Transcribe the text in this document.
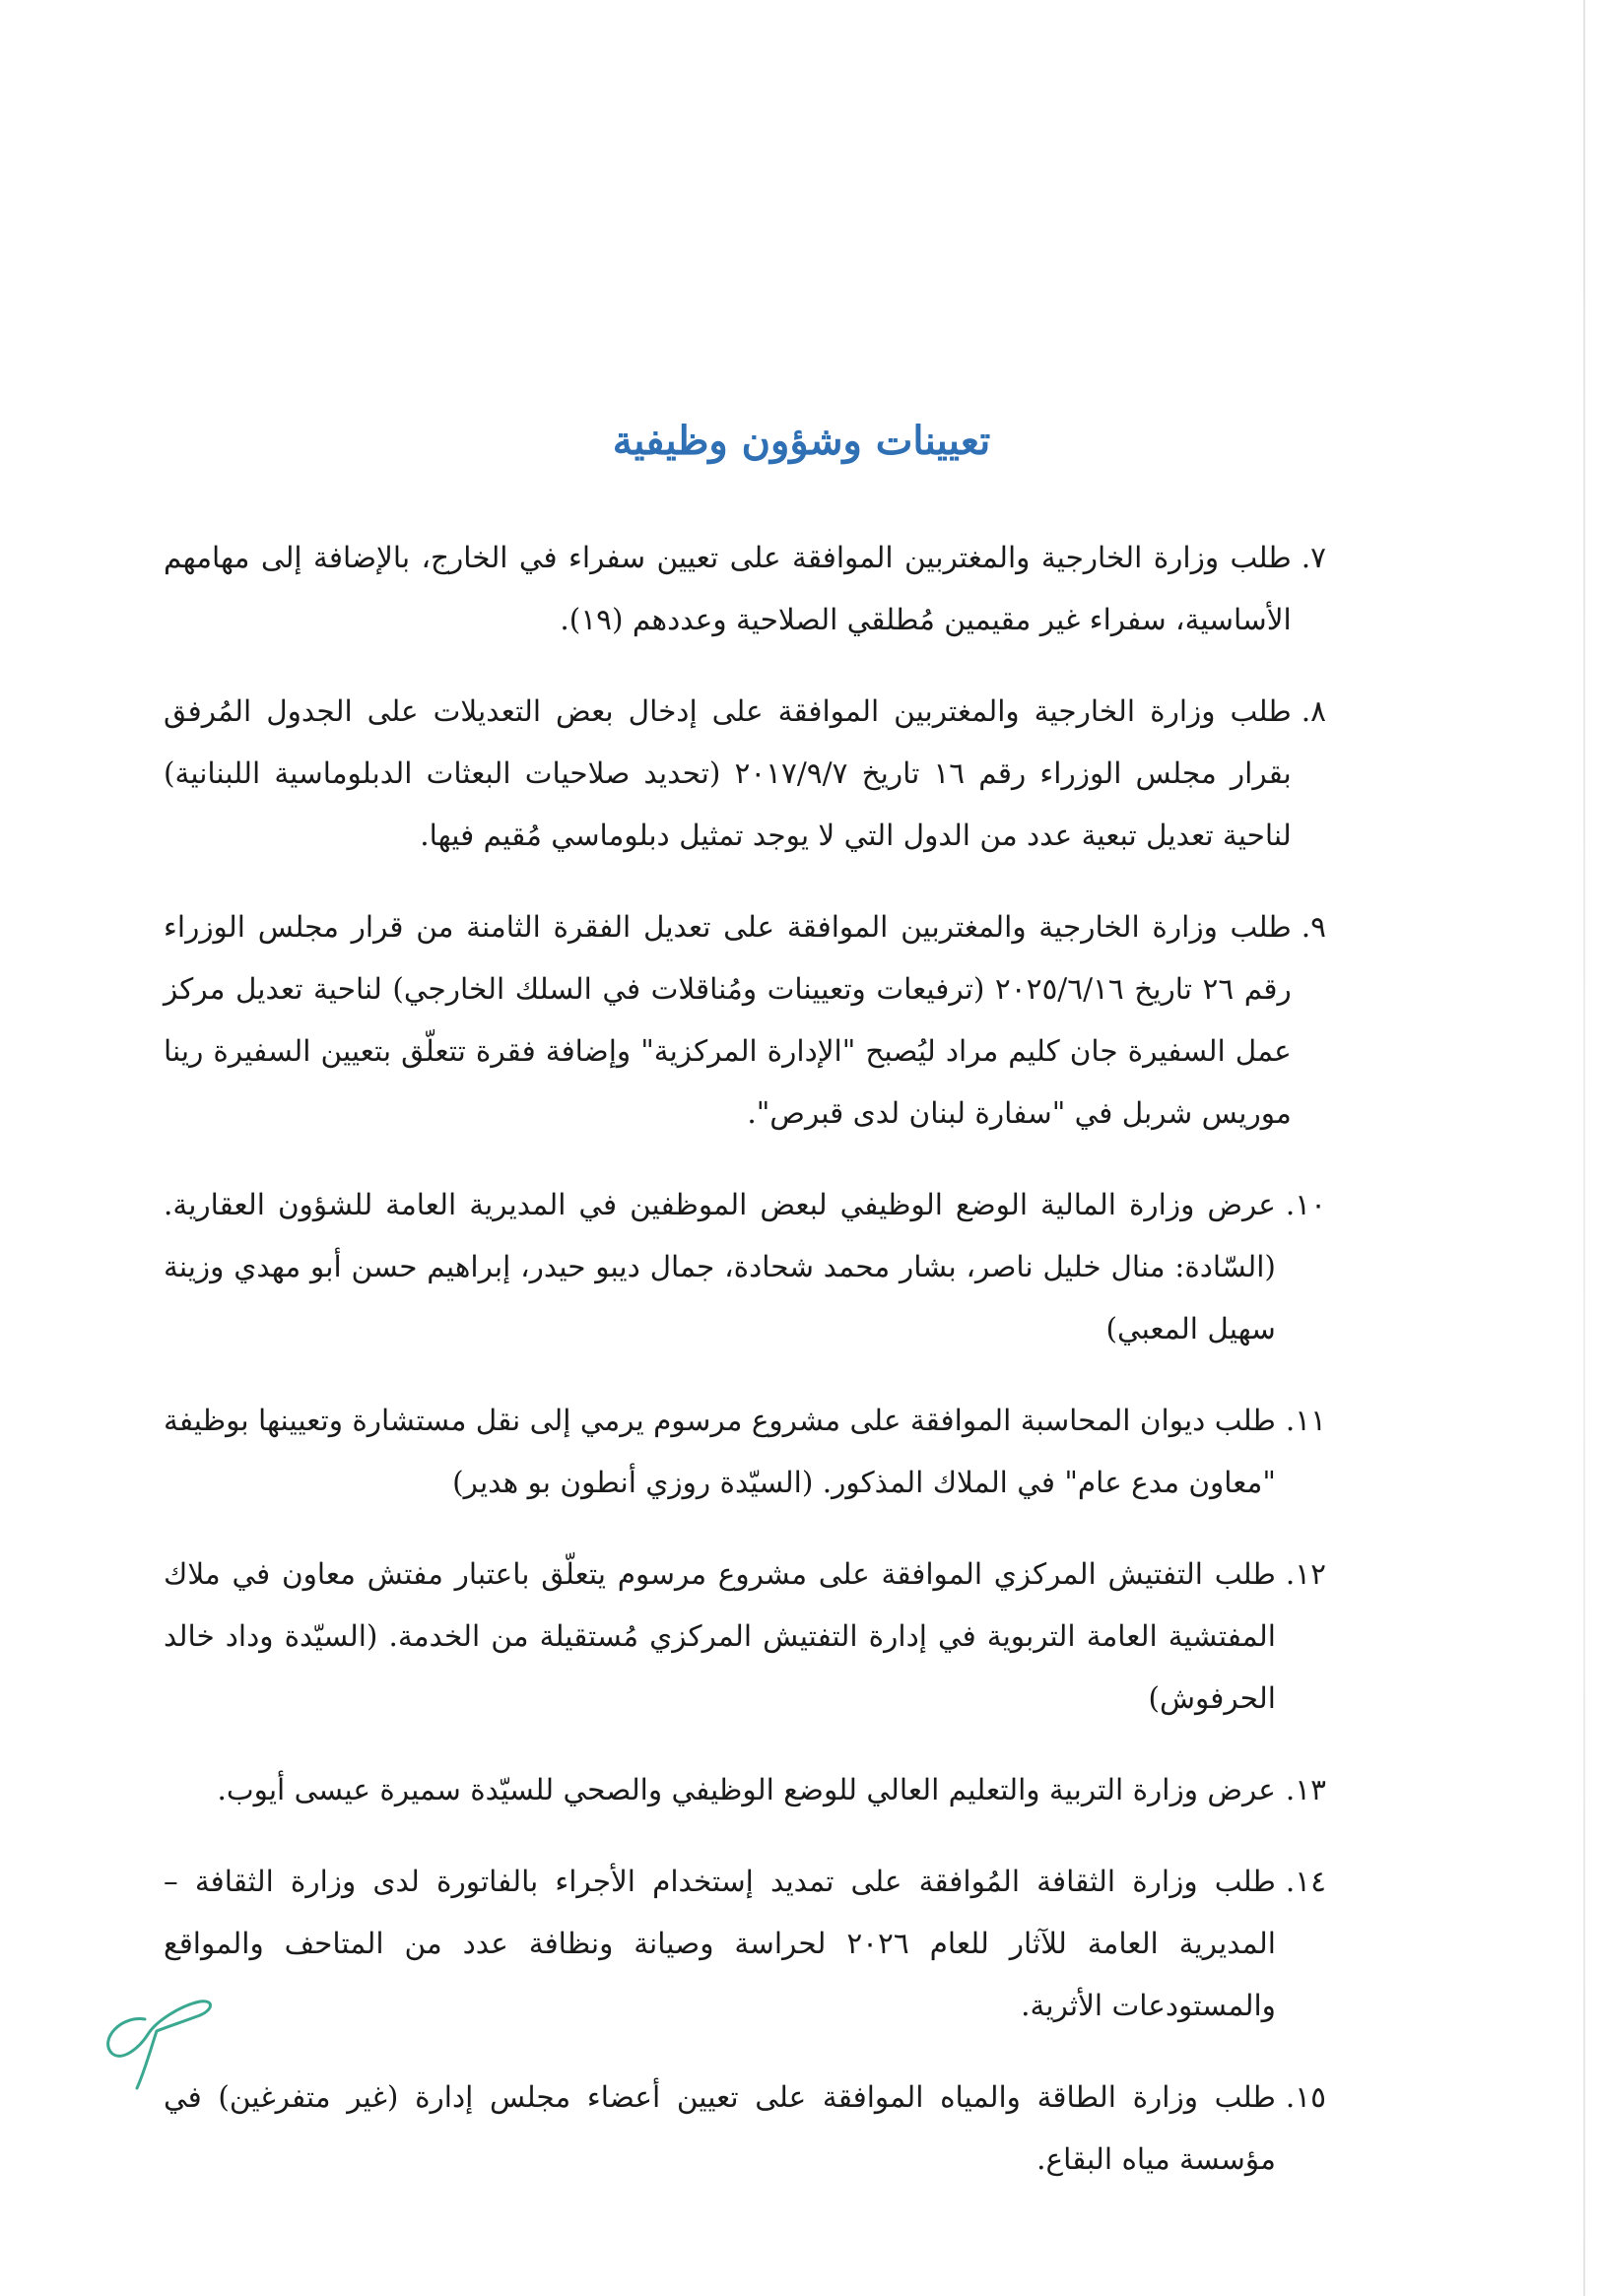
تعيينات وشؤون وظيفية
٧.
طلب وزارة الخارجية والمغتربين الموافقة على تعيين سفراء في الخارج، بالإضافة إلى مهامهم الأساسية، سفراء غير مقيمين مُطلقي الصلاحية وعددهم (١٩).
٨.
طلب وزارة الخارجية والمغتربين الموافقة على إدخال بعض التعديلات على الجدول المُرفق بقرار مجلس الوزراء رقم ١٦ تاريخ ٢٠١٧/٩/٧ (تحديد صلاحيات البعثات الدبلوماسية اللبنانية) لناحية تعديل تبعية عدد من الدول التي لا يوجد تمثيل دبلوماسي مُقيم فيها.
٩.
طلب وزارة الخارجية والمغتربين الموافقة على تعديل الفقرة الثامنة من قرار مجلس الوزراء رقم ٢٦ تاريخ ٢٠٢٥/٦/١٦ (ترفيعات وتعيينات ومُناقلات في السلك الخارجي) لناحية تعديل مركز عمل السفيرة جان كليم مراد ليُصبح "الإدارة المركزية" وإضافة فقرة تتعلّق بتعيين السفيرة رينا موريس شربل في "سفارة لبنان لدى قبرص".
١٠.
عرض وزارة المالية الوضع الوظيفي لبعض الموظفين في المديرية العامة للشؤون العقارية. (السّادة: منال خليل ناصر، بشار محمد شحادة، جمال ديبو حيدر، إبراهيم حسن أبو مهدي وزينة سهيل المعبي)
١١.
طلب ديوان المحاسبة الموافقة على مشروع مرسوم يرمي إلى نقل مستشارة وتعيينها بوظيفة "معاون مدع عام" في الملاك المذكور. (السيّدة روزي أنطون بو هدير)
١٢.
طلب التفتيش المركزي الموافقة على مشروع مرسوم يتعلّق باعتبار مفتش معاون في ملاك المفتشية العامة التربوية في إدارة التفتيش المركزي مُستقيلة من الخدمة. (السيّدة وداد خالد الحرفوش)
١٣.
عرض وزارة التربية والتعليم العالي للوضع الوظيفي والصحي للسيّدة سميرة عيسى أيوب.
١٤.
طلب وزارة الثقافة المُوافقة على تمديد إستخدام الأجراء بالفاتورة لدى وزارة الثقافة – المديرية العامة للآثار للعام ٢٠٢٦ لحراسة وصيانة ونظافة عدد من المتاحف والمواقع والمستودعات الأثرية.
١٥.
طلب وزارة الطاقة والمياه الموافقة على تعيين أعضاء مجلس إدارة (غير متفرغين) في مؤسسة مياه البقاع.
